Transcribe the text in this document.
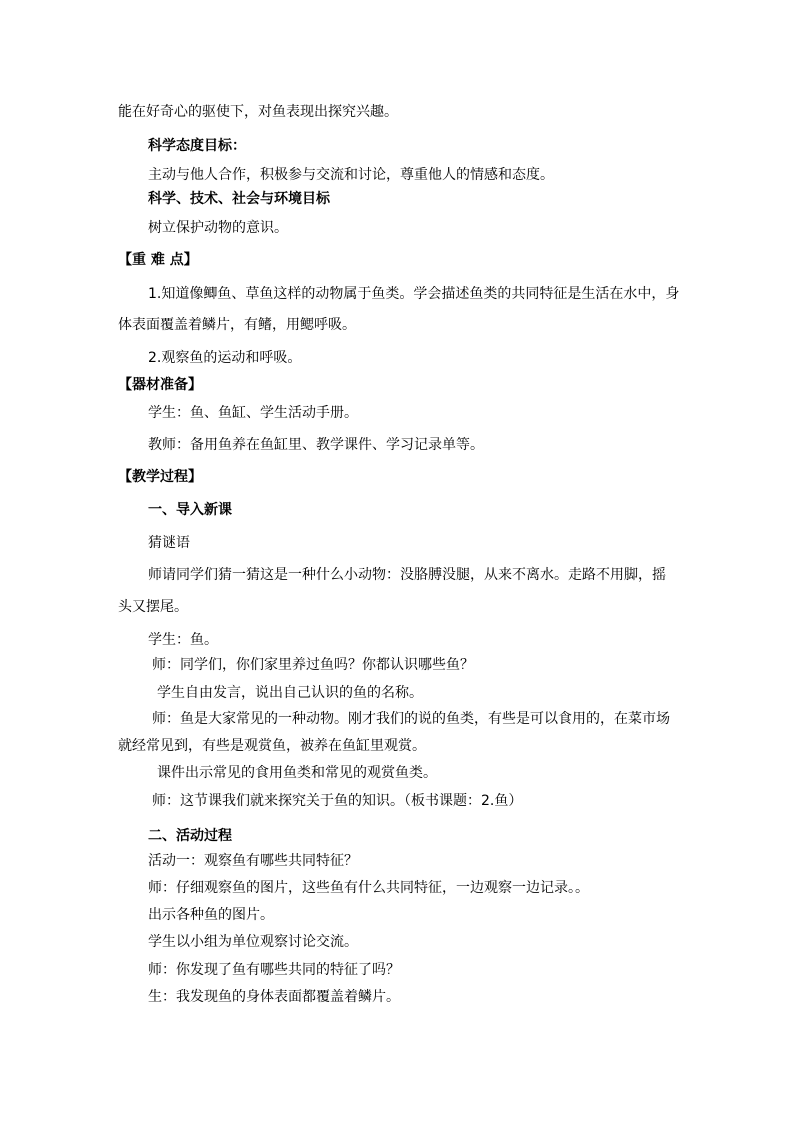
能在好奇心的驱使下，对鱼表现出探究兴趣。
科学态度目标：
主动与他人合作，积极参与交流和讨论，尊重他人的情感和态度。
科学、技术、社会与环境目标
树立保护动物的意识。
【重 难 点】
1.知道像鲫鱼、草鱼这样的动物属于鱼类。学会描述鱼类的共同特征是生活在水中，身
体表面覆盖着鳞片，有鳍，用鳃呼吸。
2.观察鱼的运动和呼吸。
【器材准备】
学生：鱼、鱼缸、学生活动手册。
教师：备用鱼养在鱼缸里、教学课件、学习记录单等。
【教学过程】
一、导入新课
猜谜语
师请同学们猜一猜这是一种什么小动物：没胳膊没腿，从来不离水。走路不用脚，摇
头又摆尾。
学生：鱼。
师：同学们，你们家里养过鱼吗？你都认识哪些鱼？
学生自由发言，说出自己认识的鱼的名称。
师：鱼是大家常见的一种动物。刚才我们的说的鱼类，有些是可以食用的，在菜市场
就经常见到，有些是观赏鱼，被养在鱼缸里观赏。
课件出示常见的食用鱼类和常见的观赏鱼类。
师：这节课我们就来探究关于鱼的知识。（板书课题：2.鱼）
二、活动过程
活动一：观察鱼有哪些共同特征？
师：仔细观察鱼的图片，这些鱼有什么共同特征，一边观察一边记录。。
出示各种鱼的图片。
学生以小组为单位观察讨论交流。
师：你发现了鱼有哪些共同的特征了吗？
生：我发现鱼的身体表面都覆盖着鳞片。
